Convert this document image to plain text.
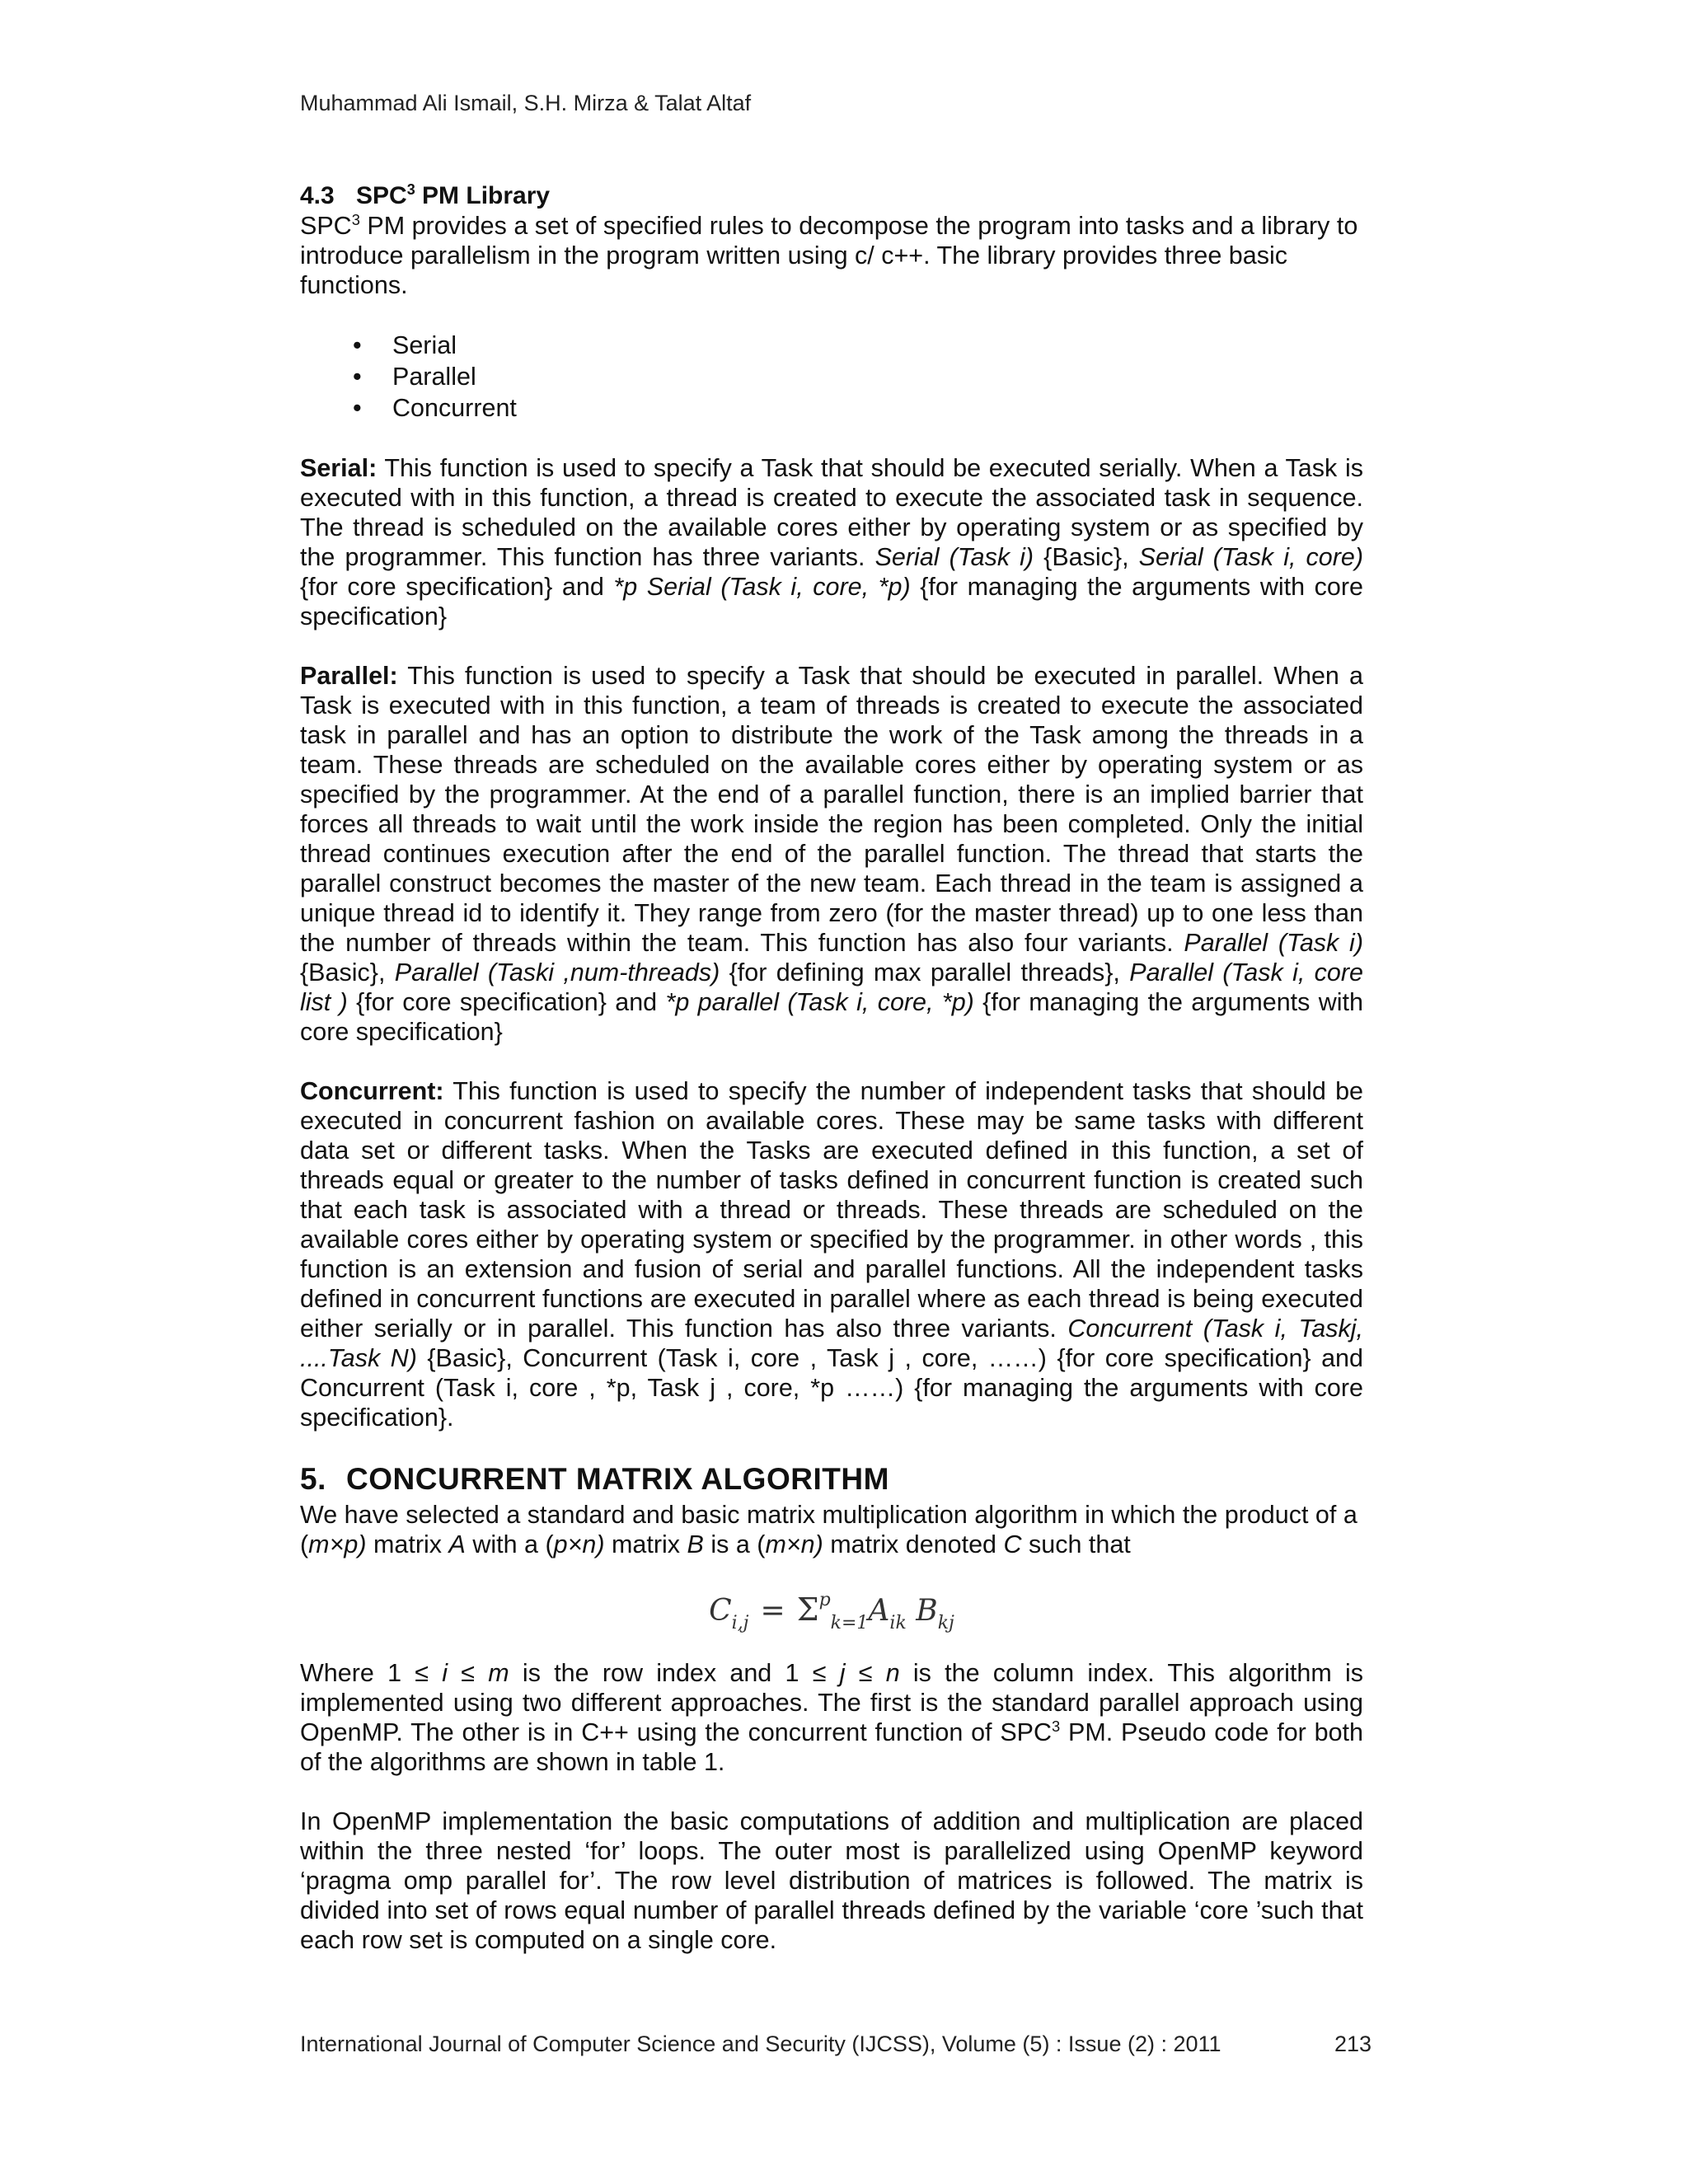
Muhammad Ali Ismail, S.H. Mirza & Talat Altaf
4.3 SPC$^3$ PM Library

SPC$^3$ PM provides a set of specified rules to decompose the program into tasks and a library to introduce parallelism in the program written using c/ c++. The library provides three basic functions.

• Serial
• Parallel
• Concurrent

Serial: This function is used to specify a Task that should be executed serially. When a Task is executed with in this function, a thread is created to execute the associated task in sequence. The thread is scheduled on the available cores either by operating system or as specified by the programmer. This function has three variants. Serial (Task i) {Basic}, Serial (Task i, core) {for core specification} and *p Serial (Task i, core, *p) {for managing the arguments with core specification}

Parallel: This function is used to specify a Task that should be executed in parallel. When a Task is executed with in this function, a team of threads is created to execute the associated task in parallel and has an option to distribute the work of the Task among the threads in a team. These threads are scheduled on the available cores either by operating system or as specified by the programmer. At the end of a parallel function, there is an implied barrier that forces all threads to wait until the work inside the region has been completed. Only the initial thread continues execution after the end of the parallel function. The thread that starts the parallel construct becomes the master of the new team. Each thread in the team is assigned a unique thread id to identify it. They range from zero (for the master thread) up to one less than the number of threads within the team. This function has also four variants. Parallel (Task i) {Basic}, Parallel (Taski ,num-threads) {for defining max parallel threads}, Parallel (Task i, core list ) {for core specification} and *p parallel (Task i, core, *p) {for managing the arguments with core specification}

Concurrent: This function is used to specify the number of independent tasks that should be executed in concurrent fashion on available cores. These may be same tasks with different data set or different tasks. When the Tasks are executed defined in this function, a set of threads equal or greater to the number of tasks defined in concurrent function is created such that each task is associated with a thread or threads. These threads are scheduled on the available cores either by operating system or specified by the programmer. in other words , this function is an extension and fusion of serial and parallel functions. All the independent tasks defined in concurrent functions are executed in parallel where as each thread is being executed either serially or in parallel. This function has also three variants. Concurrent (Task i, Taskj, ....Task N) {Basic}, Concurrent (Task i, core , Task j , core, ……) {for core specification} and Concurrent (Task i, core , *p, Task j , core, *p ……) {for managing the arguments with core specification}.

5. CONCURRENT MATRIX ALGORITHM

We have selected a standard and basic matrix multiplication algorithm in which the product of a (m×p) matrix A with a (p×n) matrix B is a (m×n) matrix denoted C such that

$C_{i,j} = \Sigma^p_{k=1}A_{ik}$ $B_{kj}$

Where 1 ≤ i ≤ m is the row index and 1 ≤ j ≤ n is the column index. This algorithm is implemented using two different approaches. The first is the standard parallel approach using OpenMP. The other is in C++ using the concurrent function of SPC$^3$ PM. Pseudo code for both of the algorithms are shown in table 1.

In OpenMP implementation the basic computations of addition and multiplication are placed within the three nested ‘for’ loops. The outer most is parallelized using OpenMP keyword ‘pragma omp parallel for’. The row level distribution of matrices is followed. The matrix is divided into set of rows equal number of parallel threads defined by the variable ‘core ’such that each row set is computed on a single core.

International Journal of Computer Science and Security (IJCSS), Volume (5) : Issue (2) : 2011	213
